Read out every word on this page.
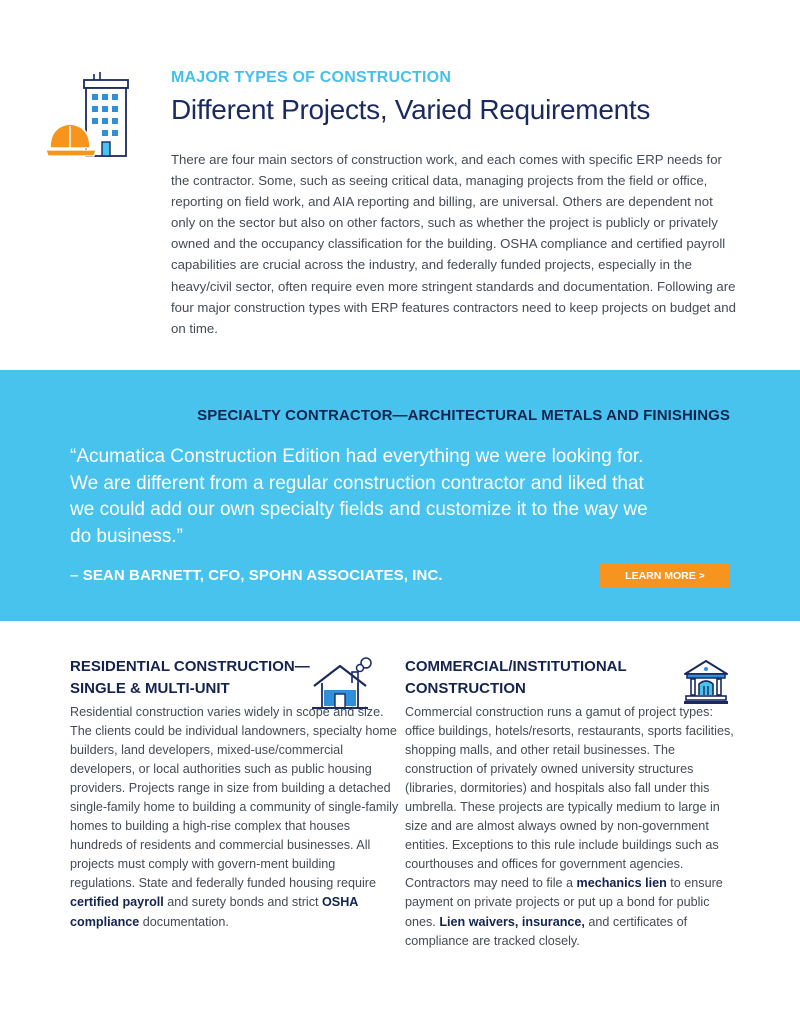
MAJOR TYPES OF CONSTRUCTION
Different Projects, Varied Requirements

There are four main sectors of construction work, and each comes with specific ERP needs for the contractor. Some, such as seeing critical data, managing projects from the field or office, reporting on field work, and AIA reporting and billing, are universal. Others are dependent not only on the sector but also on other factors, such as whether the project is publicly or privately owned and the occupancy classification for the building. OSHA compliance and certified payroll capabilities are crucial across the industry, and federally funded projects, especially in the heavy/civil sector, often require even more stringent standards and documentation. Following are four major construction types with ERP features contractors need to keep projects on budget and on time.

SPECIALTY CONTRACTOR—ARCHITECTURAL METALS AND FINISHINGS

“Acumatica Construction Edition had everything we were looking for. We are different from a regular construction contractor and liked that we could add our own specialty fields and customize it to the way we do business.”

– SEAN BARNETT, CFO, SPOHN ASSOCIATES, INC.	LEARN MORE >
RESIDENTIAL CONSTRUCTION—
SINGLE & MULTI-UNIT

Residential construction varies widely in scope and size. The clients could be individual landowners, specialty home builders, land developers, mixed-use/commercial developers, or local authorities such as public housing providers. Projects range in size from building a detached single-family home to building a community of single-family homes to building a high-rise complex that houses hundreds of residents and commercial businesses. All projects must comply with govern-ment building regulations. State and federally funded housing require certified payroll and surety bonds and strict OSHA compliance documentation.

COMMERCIAL/INSTITUTIONAL
CONSTRUCTION

Commercial construction runs a gamut of project types: office buildings, hotels/resorts, restaurants, sports facilities, shopping malls, and other retail businesses. The construction of privately owned university structures (libraries, dormitories) and hospitals also fall under this umbrella. These projects are typically medium to large in size and are almost always owned by non-government entities. Exceptions to this rule include buildings such as courthouses and offices for government agencies. Contractors may need to file a mechanics lien to ensure payment on private projects or put up a bond for public ones. Lien waivers, insurance, and certificates of compliance are tracked closely.
